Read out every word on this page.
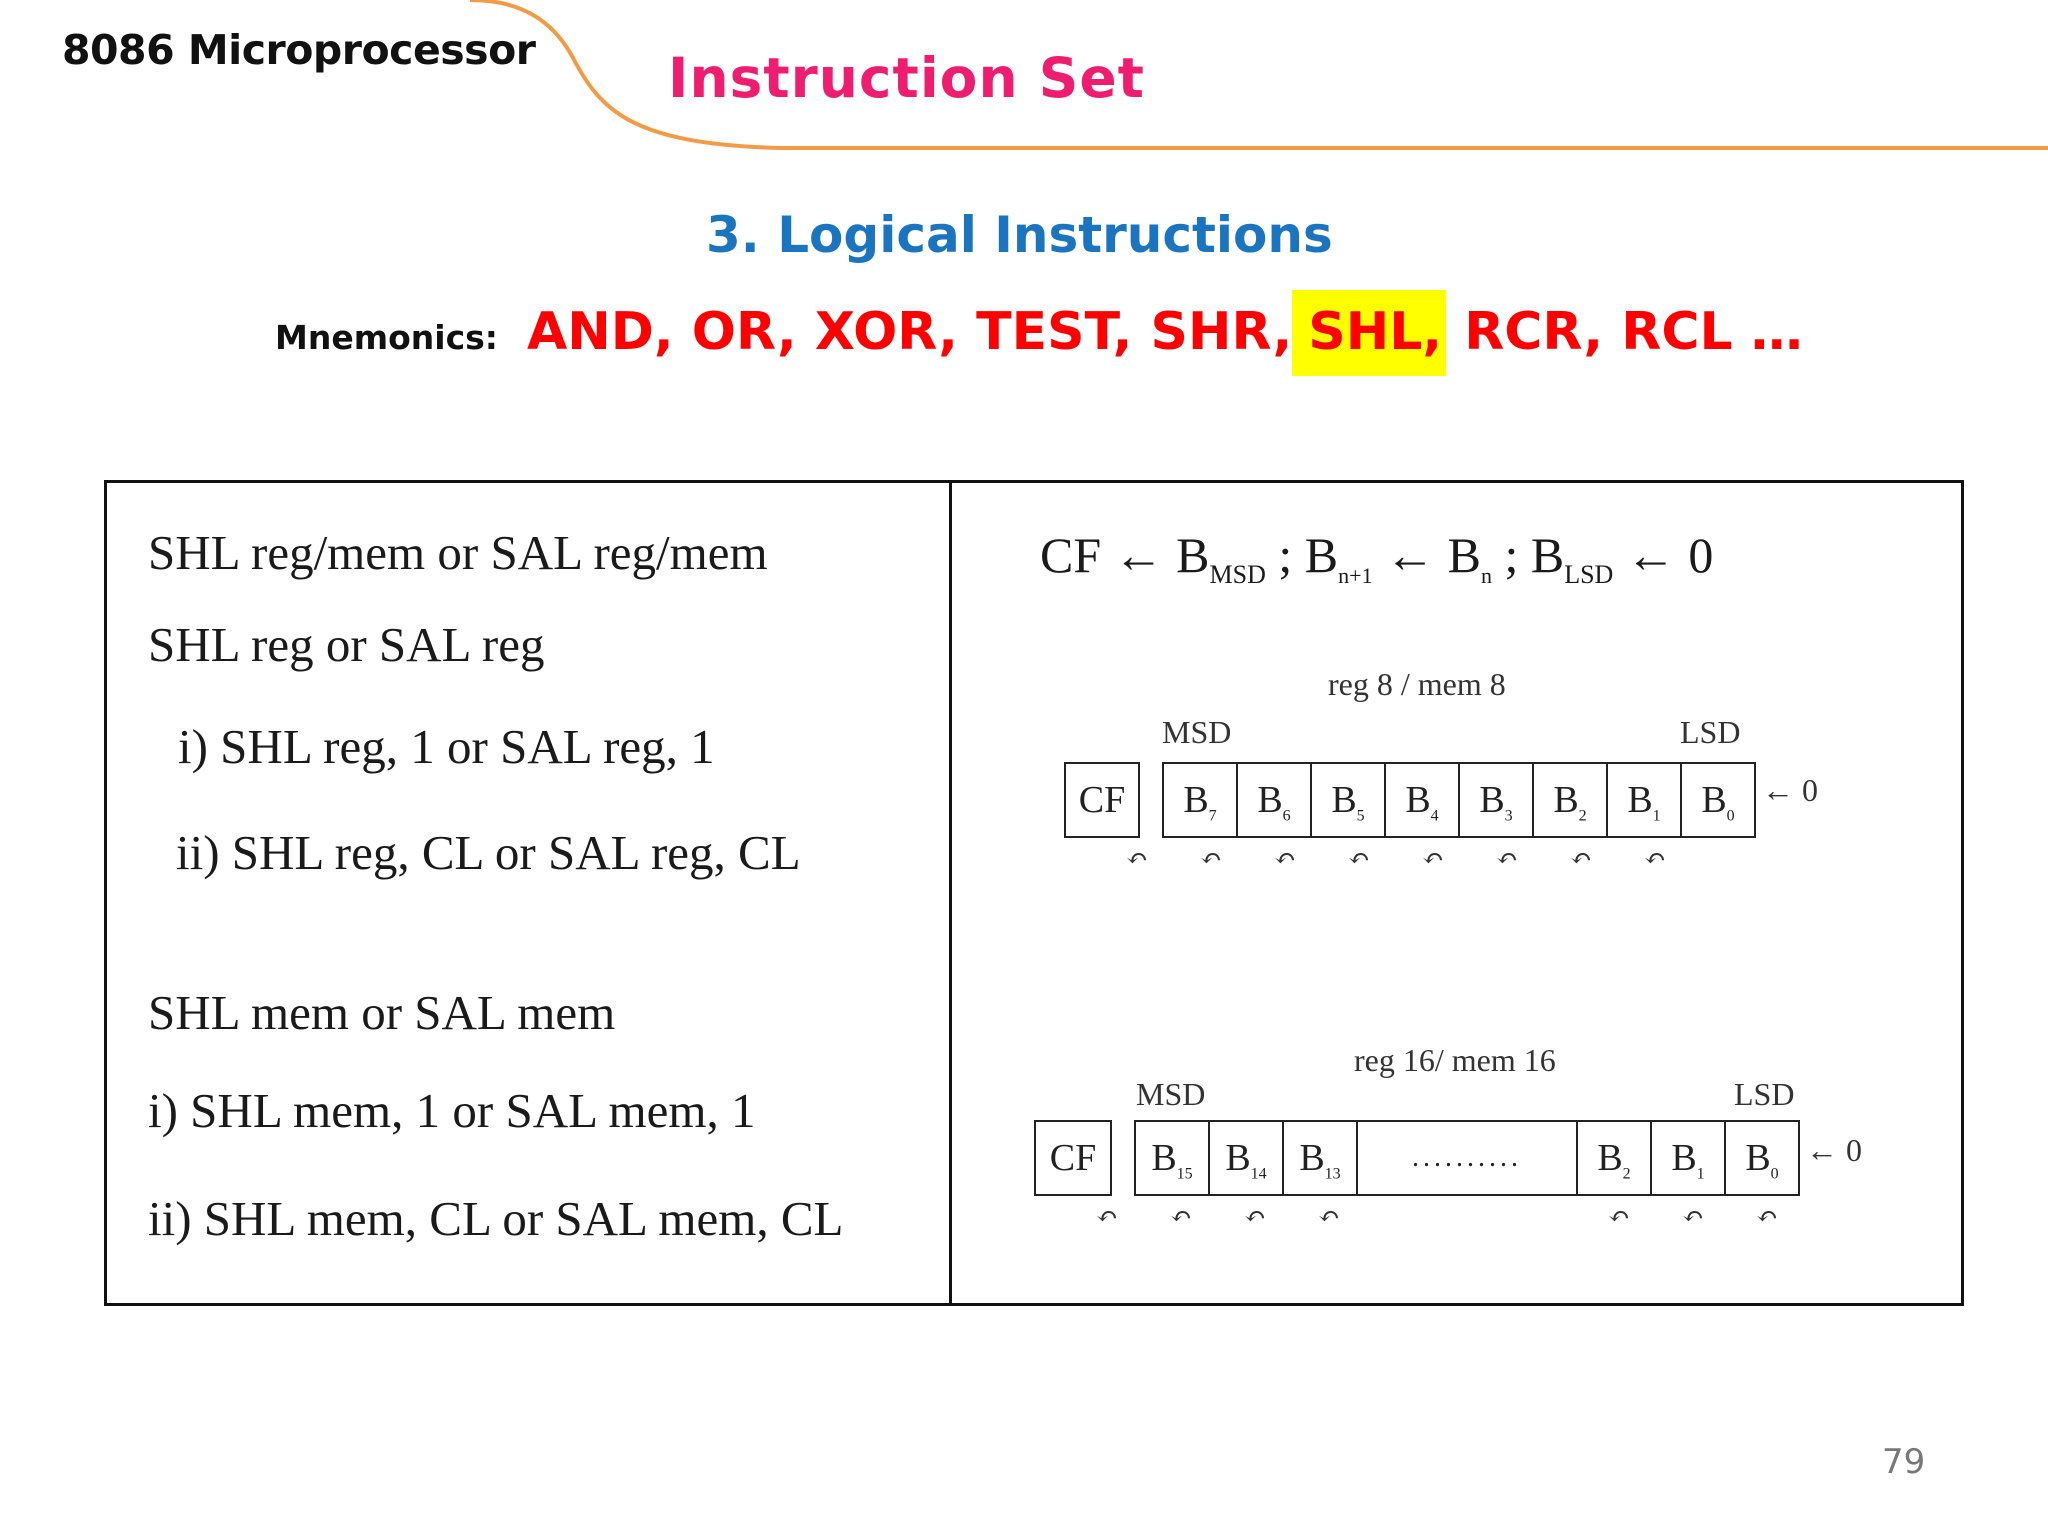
8086 Microprocessor Instruction Set
3. Logical Instructions
Mnemonics: AND, OR, XOR, TEST, SHR, SHL, RCR, RCL …
SHL reg/mem or SAL reg/mem
SHL reg or SAL reg
i) SHL reg, 1 or SAL reg, 1
ii) SHL reg, CL or SAL reg, CL
SHL mem or SAL mem
i) SHL mem, 1 or SAL mem, 1
ii) SHL mem, CL or SAL mem, CL
CF ← $B_{MSD}$ ; $B_{n+1}$ ← $B_n$ ; $B_{LSD}$ ← 0
reg 8 / mem 8
MSD	LSD
CF	$B_7$	$B_6$	$B_5$	$B_4$	$B_3$	$B_2$	$B_1$	$B_0$
← 0
↶ ↶ ↶ ↶ ↶ ↶ ↶ ↶
reg 16/ mem 16
MSD	LSD
CF	$B_{15}$ $B_{14}$ $B_{13}$
..........	$B_2$	$B_1$	$B_0$
← 0
↶ ↶ ↶ ↶	↶ ↶ ↶
79
